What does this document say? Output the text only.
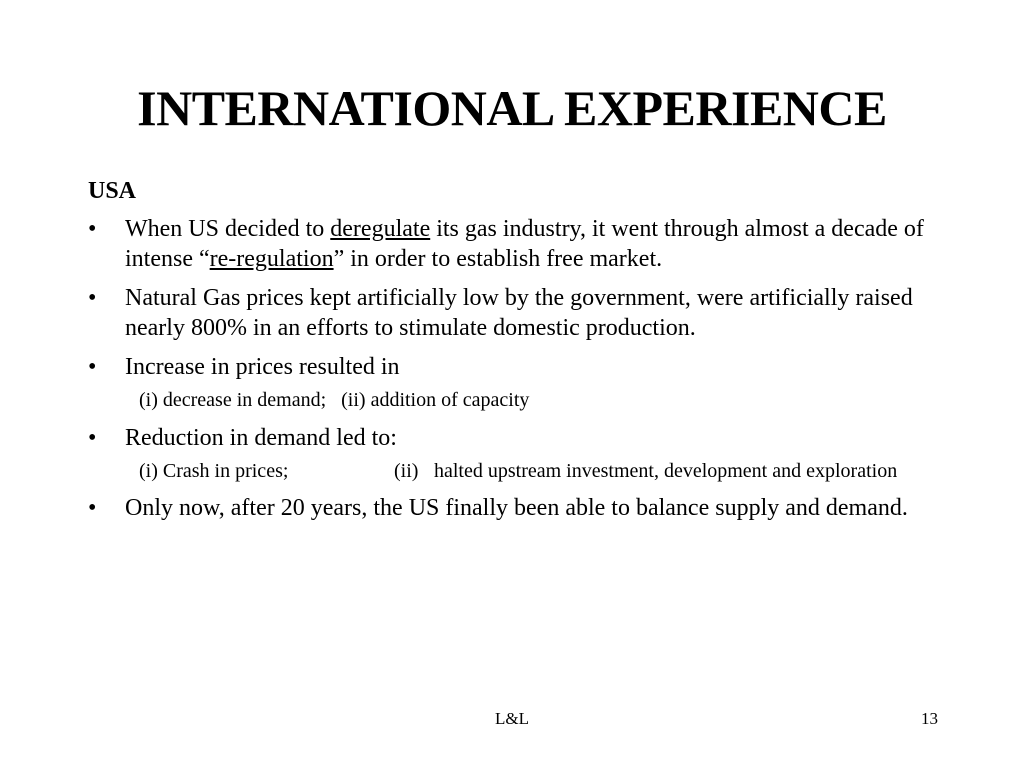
INTERNATIONAL EXPERIENCE
USA
• When US decided to deregulate its gas industry, it went through almost a decade of intense “re-regulation” in order to establish free market.
• Natural Gas prices kept artificially low by the government, were artificially raised nearly 800% in an efforts to stimulate domestic production.
• Increase in prices resulted in
(i) decrease in demand;   (ii) addition of capacity
• Reduction in demand led to:
(i) Crash in prices;	(ii) halted upstream investment, development and exploration
• Only now, after 20 years, the US finally been able to balance supply and demand.
L&L	13
